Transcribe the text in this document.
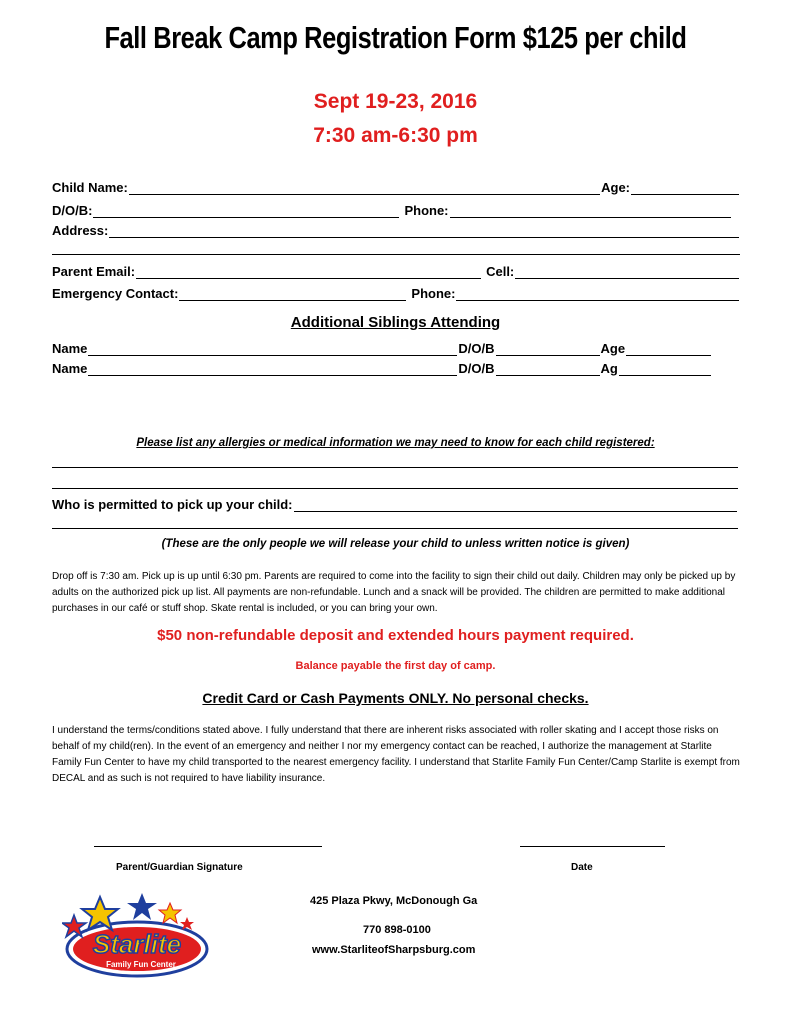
Fall Break Camp Registration Form $125 per child
Sept 19-23, 2016
7:30 am-6:30 pm
Child Name:	Age:
D/O/B:	Phone:
Address:
Parent Email:	Cell:
Emergency Contact:	Phone:
Additional Siblings Attending
Name	D/O/B	Age
Name	D/O/B	Ag
Please list any allergies or medical information we may need to know for each child registered:
Who is permitted to pick up your child:
(These are the only people we will release your child to unless written notice is given)
Drop off is 7:30 am. Pick up is up until 6:30 pm. Parents are required to come into the facility to sign their child out daily. Children may only be picked up by adults on the authorized pick up list. All payments are non-refundable. Lunch and a snack will be provided. The children are permitted to make additional purchases in our café or stuff shop. Skate rental is included, or you can bring your own.
$50 non-refundable deposit and extended hours payment required.
Balance payable the first day of camp.
Credit Card or Cash Payments ONLY. No personal checks.
I understand the terms/conditions stated above. I fully understand that there are inherent risks associated with roller skating and I accept those risks on behalf of my child(ren). In the event of an emergency and neither I nor my emergency contact can be reached, I authorize the management at Starlite Family Fun Center to have my child transported to the nearest emergency facility. I understand that Starlite Family Fun Center/Camp Starlite is exempt from DECAL and as such is not required to have liability insurance.
Parent/Guardian Signature	Date
425 Plaza Pkwy, McDonough Ga
770 898-0100
www.StarliteofSharpsburg.com
Starlite
Family Fun Center
